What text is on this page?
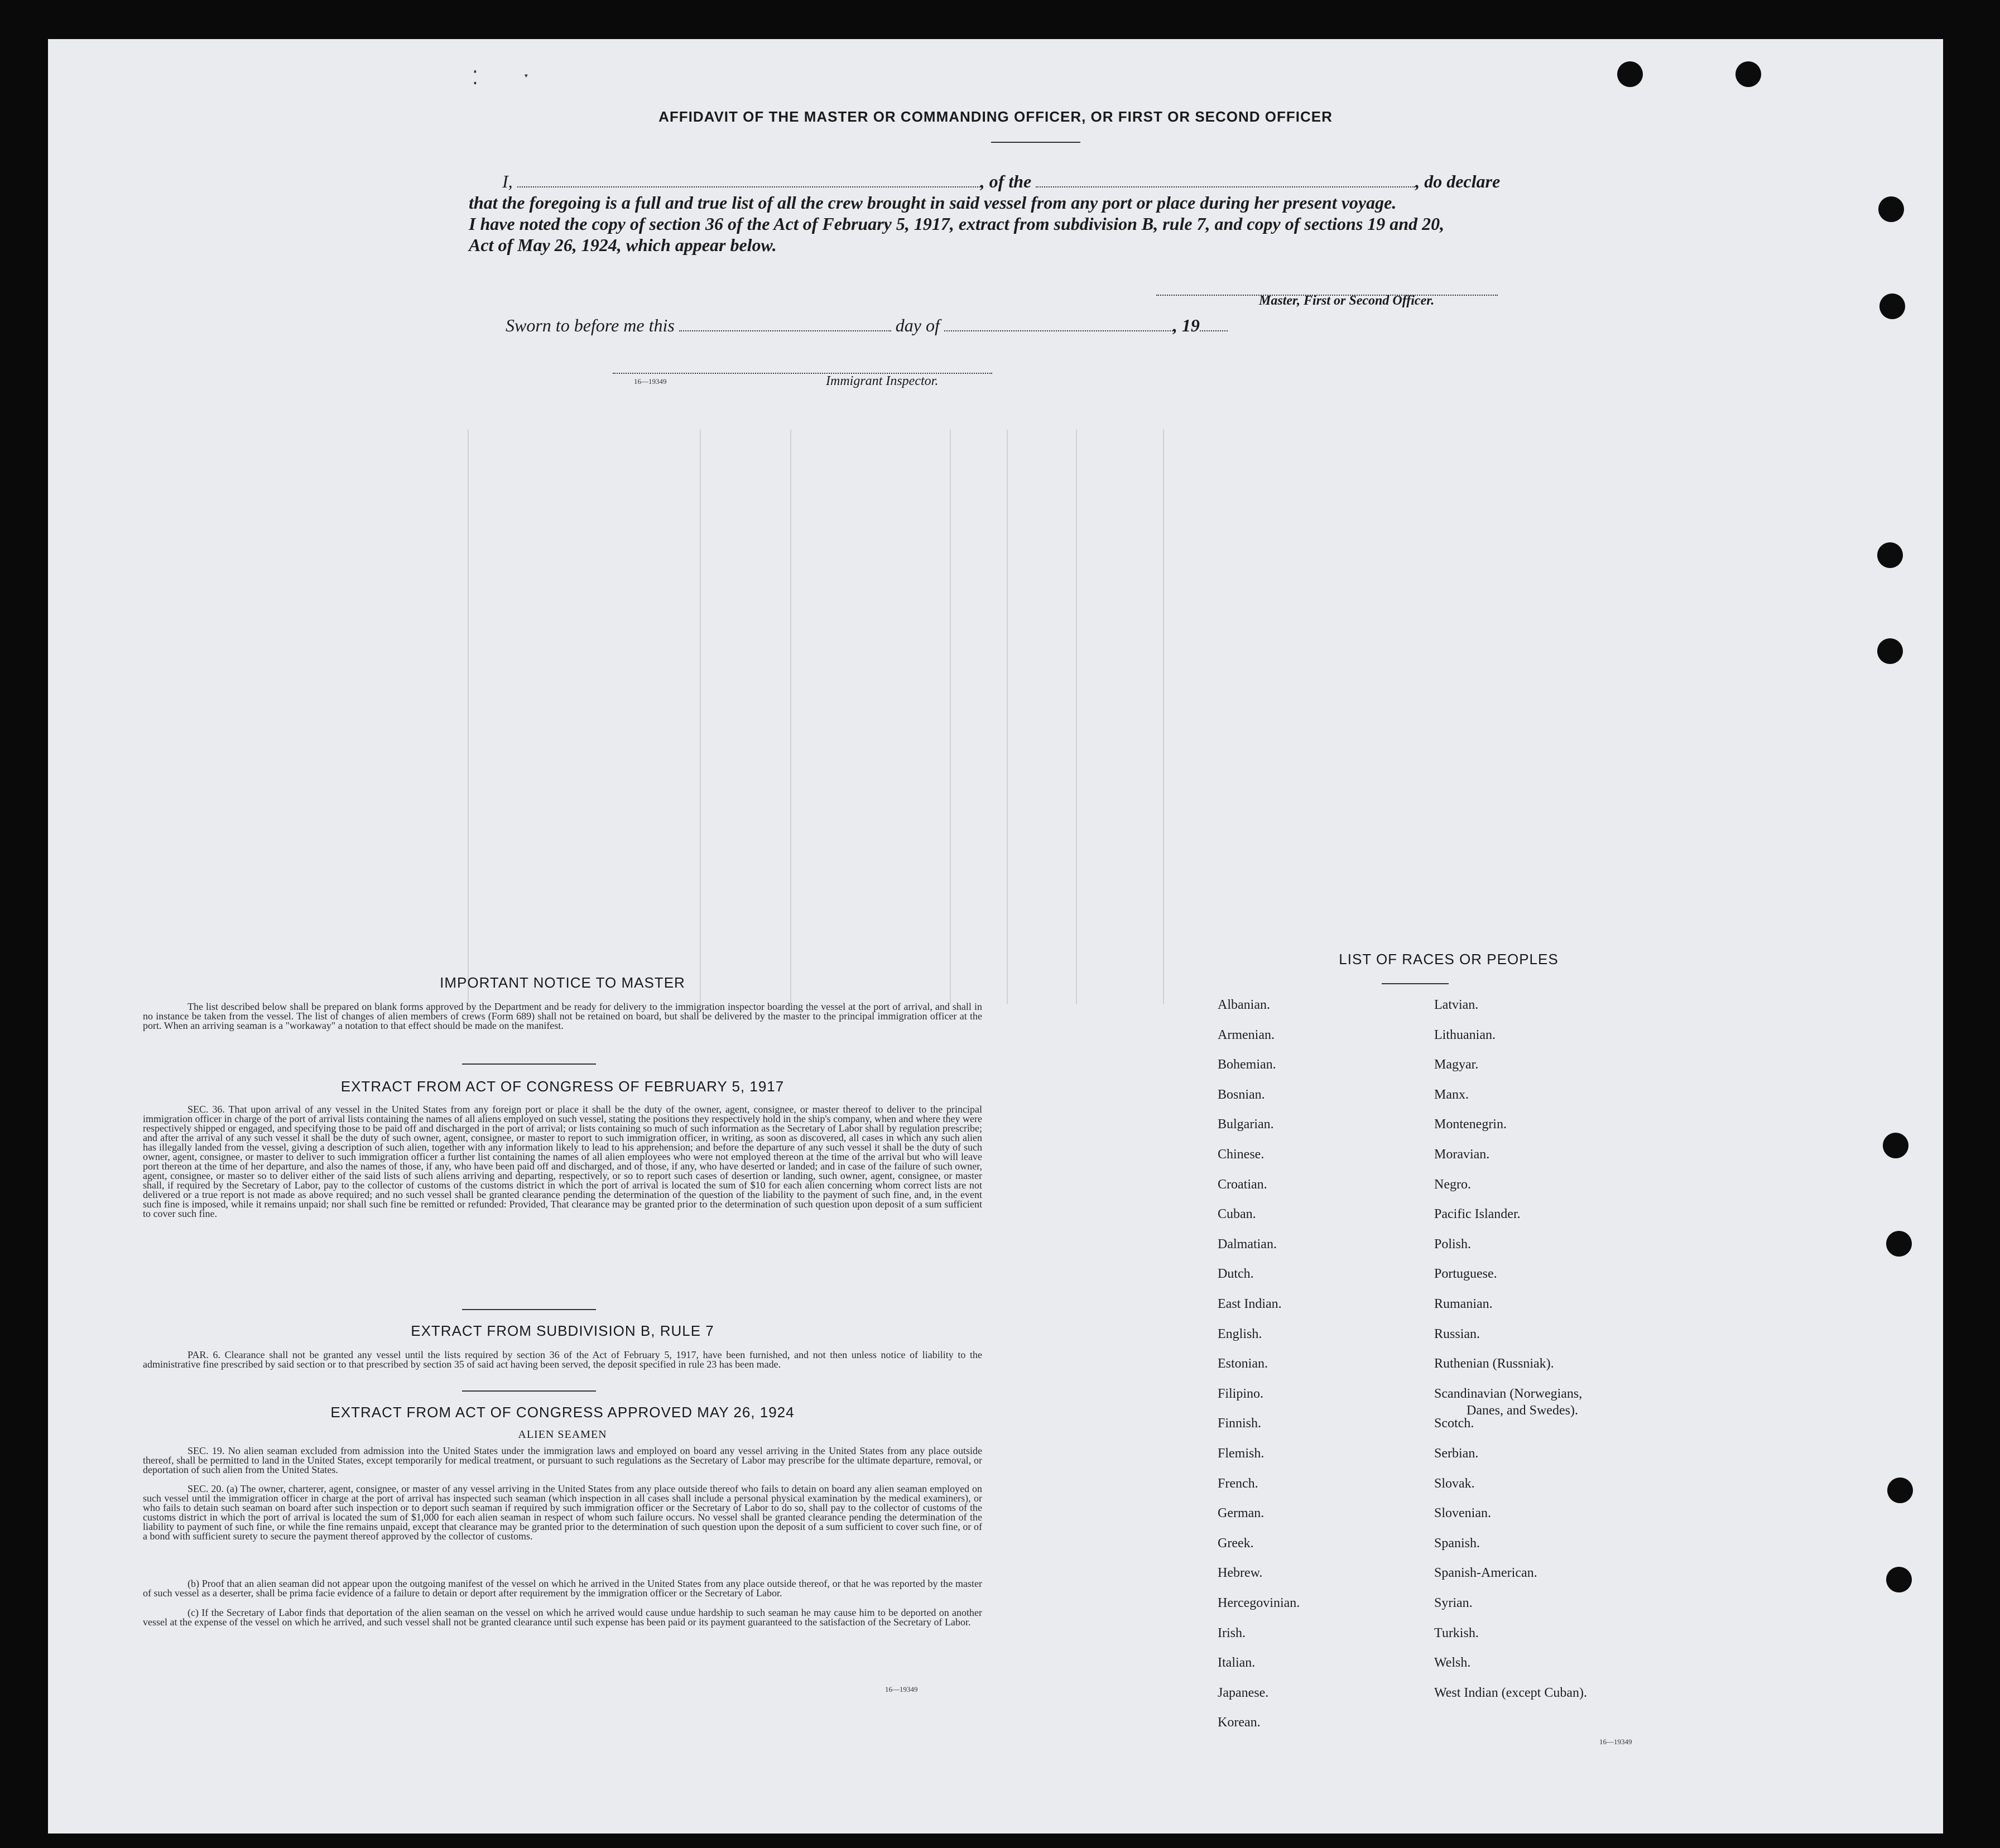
⁚ ˑ
AFFIDAVIT OF THE MASTER OR COMMANDING OFFICER, OR FIRST OR SECOND OFFICER
I,	, of the	, do declare
that the foregoing is a full and true list of all the crew brought in said vessel from any port or place during her present voyage.
I have noted the copy of section 36 of the Act of February 5, 1917, extract from subdivision B, rule 7, and copy of sections 19 and 20,
Act of May 26, 1924, which appear below.
Master, First or Second Officer.
Sworn to before me this	day of	, 19
16—19349	Immigrant Inspector.
IMPORTANT NOTICE TO MASTER
The list described below shall be prepared on blank forms approved by the Department and be ready for delivery to the immigration inspector boarding the vessel at the port of arrival, and shall in no instance be taken from the vessel. The list of changes of alien members of crews (Form 689) shall not be retained on board, but shall be delivered by the master to the principal immigration officer at the port. When an arriving seaman is a "workaway" a notation to that effect should be made on the manifest.
EXTRACT FROM ACT OF CONGRESS OF FEBRUARY 5, 1917
SEC. 36. That upon arrival of any vessel in the United States from any foreign port or place it shall be the duty of the owner, agent, consignee, or master thereof to deliver to the principal immigration officer in charge of the port of arrival lists containing the names of all aliens employed on such vessel, stating the positions they respectively hold in the ship's company, when and where they were respectively shipped or engaged, and specifying those to be paid off and discharged in the port of arrival; or lists containing so much of such information as the Secretary of Labor shall by regulation prescribe; and after the arrival of any such vessel it shall be the duty of such owner, agent, consignee, or master to report to such immigration officer, in writing, as soon as discovered, all cases in which any such alien has illegally landed from the vessel, giving a description of such alien, together with any information likely to lead to his apprehension; and before the departure of any such vessel it shall be the duty of such owner, agent, consignee, or master to deliver to such immigration officer a further list containing the names of all alien employees who were not employed thereon at the time of the arrival but who will leave port thereon at the time of her departure, and also the names of those, if any, who have been paid off and discharged, and of those, if any, who have deserted or landed; and in case of the failure of such owner, agent, consignee, or master so to deliver either of the said lists of such aliens arriving and departing, respectively, or so to report such cases of desertion or landing, such owner, agent, consignee, or master shall, if required by the Secretary of Labor, pay to the collector of customs of the customs district in which the port of arrival is located the sum of $10 for each alien concerning whom correct lists are not delivered or a true report is not made as above required; and no such vessel shall be granted clearance pending the determination of the question of the liability to the payment of such fine, and, in the event such fine is imposed, while it remains unpaid; nor shall such fine be remitted or refunded: Provided, That clearance may be granted prior to the determination of such question upon deposit of a sum sufficient to cover such fine.
EXTRACT FROM SUBDIVISION B, RULE 7
PAR. 6. Clearance shall not be granted any vessel until the lists required by section 36 of the Act of February 5, 1917, have been furnished, and not then unless notice of liability to the administrative fine prescribed by said section or to that prescribed by section 35 of said act having been served, the deposit specified in rule 23 has been made.
EXTRACT FROM ACT OF CONGRESS APPROVED MAY 26, 1924
ALIEN SEAMEN
SEC. 19. No alien seaman excluded from admission into the United States under the immigration laws and employed on board any vessel arriving in the United States from any place outside thereof, shall be permitted to land in the United States, except temporarily for medical treatment, or pursuant to such regulations as the Secretary of Labor may prescribe for the ultimate departure, removal, or deportation of such alien from the United States.
SEC. 20. (a) The owner, charterer, agent, consignee, or master of any vessel arriving in the United States from any place outside thereof who fails to detain on board any alien seaman employed on such vessel until the immigration officer in charge at the port of arrival has inspected such seaman (which inspection in all cases shall include a personal physical examination by the medical examiners), or who fails to detain such seaman on board after such inspection or to deport such seaman if required by such immigration officer or the Secretary of Labor to do so, shall pay to the collector of customs of the customs district in which the port of arrival is located the sum of $1,000 for each alien seaman in respect of whom such failure occurs. No vessel shall be granted clearance pending the determination of the liability to payment of such fine, or while the fine remains unpaid, except that clearance may be granted prior to the determination of such question upon the deposit of a sum sufficient to cover such fine, or of a bond with sufficient surety to secure the payment thereof approved by the collector of customs.
(b) Proof that an alien seaman did not appear upon the outgoing manifest of the vessel on which he arrived in the United States from any place outside thereof, or that he was reported by the master of such vessel as a deserter, shall be prima facie evidence of a failure to detain or deport after requirement by the immigration officer or the Secretary of Labor.
(c) If the Secretary of Labor finds that deportation of the alien seaman on the vessel on which he arrived would cause undue hardship to such seaman he may cause him to be deported on another vessel at the expense of the vessel on which he arrived, and such vessel shall not be granted clearance until such expense has been paid or its payment guaranteed to the satisfaction of the Secretary of Labor.
16—19349
LIST OF RACES OR PEOPLES
16—19349
Albanian.
Armenian.
Bohemian.
Bosnian.
Bulgarian.
Chinese.
Croatian.
Cuban.
Dalmatian.
Dutch.
East Indian.
English.
Estonian.
Filipino.
Finnish.
Flemish.
French.
German.
Greek.
Hebrew.
Hercegovinian.
Irish.
Italian.
Japanese.
Korean.
Latvian.
Lithuanian.
Magyar.
Manx.
Montenegrin.
Moravian.
Negro.
Pacific Islander.
Polish.
Portuguese.
Rumanian.
Russian.
Ruthenian (Russniak).
Scandinavian (Norwegians,
Danes, and Swedes).
Scotch.
Serbian.
Slovak.
Slovenian.
Spanish.
Spanish-American.
Syrian.
Turkish.
Welsh.
West Indian (except Cuban).
